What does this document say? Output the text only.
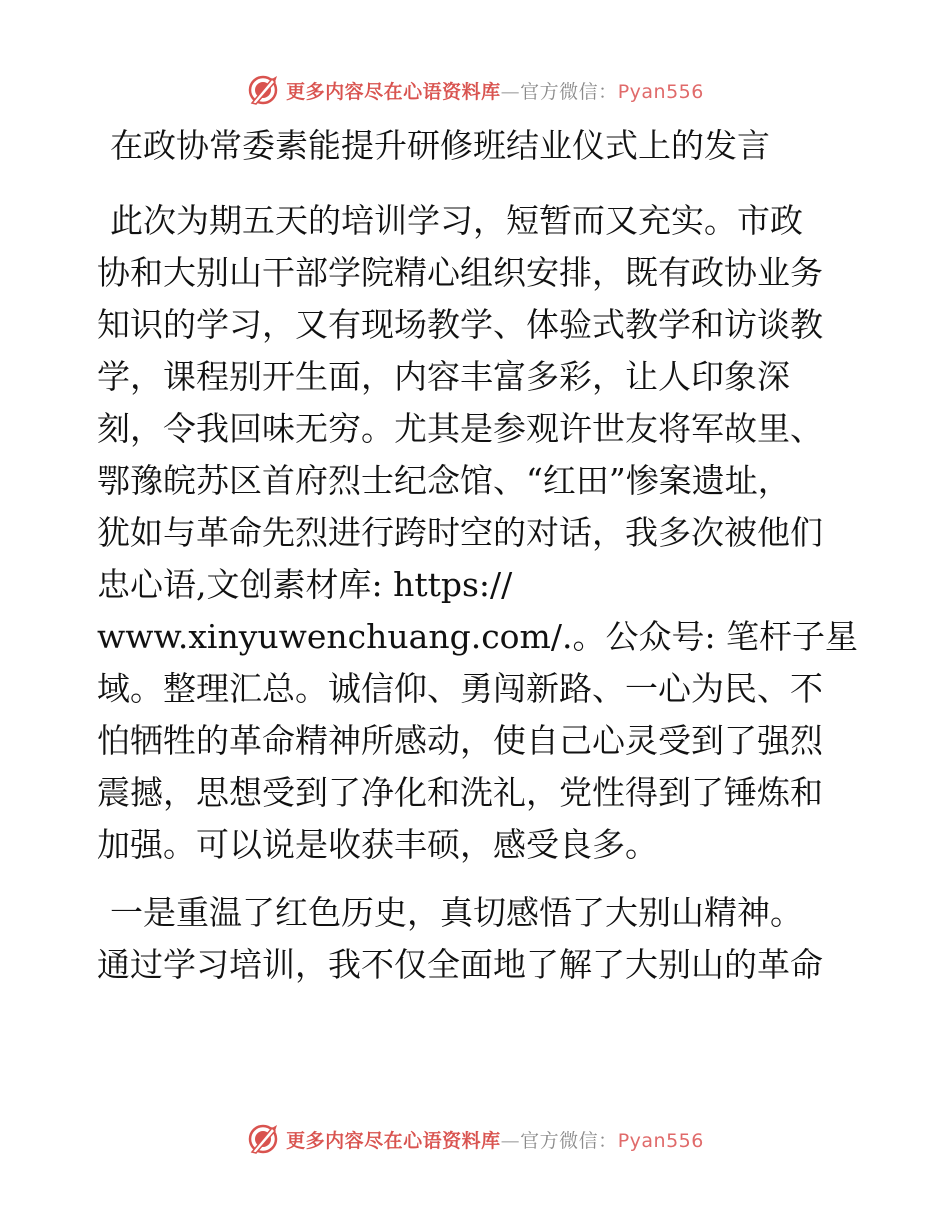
更多内容尽在心语资料库—官方微信：Pyan556
在政协常委素能提升研修班结业仪式上的发言
此次为期五天的培训学习，短暂而又充实。市政
协和大别山干部学院精心组织安排，既有政协业务
知识的学习，又有现场教学、体验式教学和访谈教
学，课程别开生面，内容丰富多彩，让人印象深
刻，令我回味无穷。尤其是参观许世友将军故里、
鄂豫皖苏区首府烈士纪念馆、“红田”惨案遗址，
犹如与革命先烈进行跨时空的对话，我多次被他们
忠心语,文创素材库: https://
www.xinyuwenchuang.com/.。公众号: 笔杆子星
域。整理汇总。诚信仰、勇闯新路、一心为民、不
怕牺牲的革命精神所感动，使自己心灵受到了强烈
震撼，思想受到了净化和洗礼，党性得到了锤炼和
加强。可以说是收获丰硕，感受良多。
一是重温了红色历史，真切感悟了大别山精神。
通过学习培训，我不仅全面地了解了大别山的革命
更多内容尽在心语资料库—官方微信：Pyan556
